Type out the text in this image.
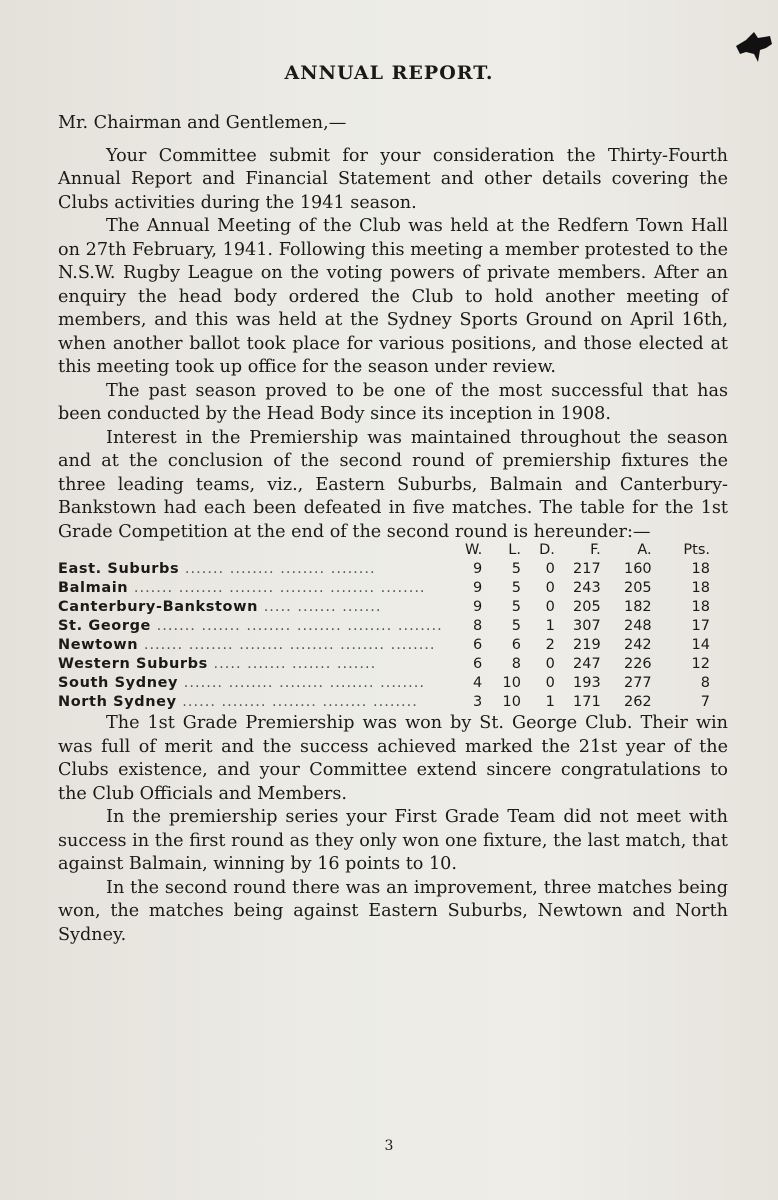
ANNUAL REPORT.

Mr. Chairman and Gentlemen,—

Your Committee submit for your consideration the Thirty-Fourth Annual Report and Financial Statement and other details covering the Clubs activities during the 1941 season.

The Annual Meeting of the Club was held at the Redfern Town Hall on 27th February, 1941. Following this meeting a member protested to the N.S.W. Rugby League on the voting powers of private members. After an enquiry the head body ordered the Club to hold another meeting of members, and this was held at the Sydney Sports Ground on April 16th, when another ballot took place for various positions, and those elected at this meeting took up office for the season under review.

The past season proved to be one of the most successful that has been conducted by the Head Body since its inception in 1908.

Interest in the Premiership was maintained throughout the season and at the conclusion of the second round of premiership fixtures the three leading teams, viz., Eastern Suburbs, Balmain and Canterbury-Bankstown had each been defeated in five matches. The table for the 1st Grade Competition at the end of the second round is hereunder:—

	W.	L.	D.	F.	A.	Pts.
East. Suburbs ....... ........ ........ ........	9	5	0	217	160	18
Balmain ....... ........ ........ ........ ........ ........	9	5	0	243	205	18
Canterbury-Bankstown ..... ....... .......	9	5	0	205	182	18
St. George ....... ....... ........ ........ ........ ........	8	5	1	307	248	17
Newtown ....... ........ ........ ........ ........ ........	6	6	2	219	242	14
Western Suburbs ..... ....... ....... .......	6	8	0	247	226	12
South Sydney ....... ........ ........ ........ ........	4	10	0	193	277	8
North Sydney ...... ........ ........ ........ ........	3	10	1	171	262	7

The 1st Grade Premiership was won by St. George Club. Their win was full of merit and the success achieved marked the 21st year of the Clubs existence, and your Committee extend sincere congratulations to the Club Officials and Members.

In the premiership series your First Grade Team did not meet with success in the first round as they only won one fixture, the last match, that against Balmain, winning by 16 points to 10.

In the second round there was an improvement, three matches being won, the matches being against Eastern Suburbs, Newtown and North Sydney.

3
